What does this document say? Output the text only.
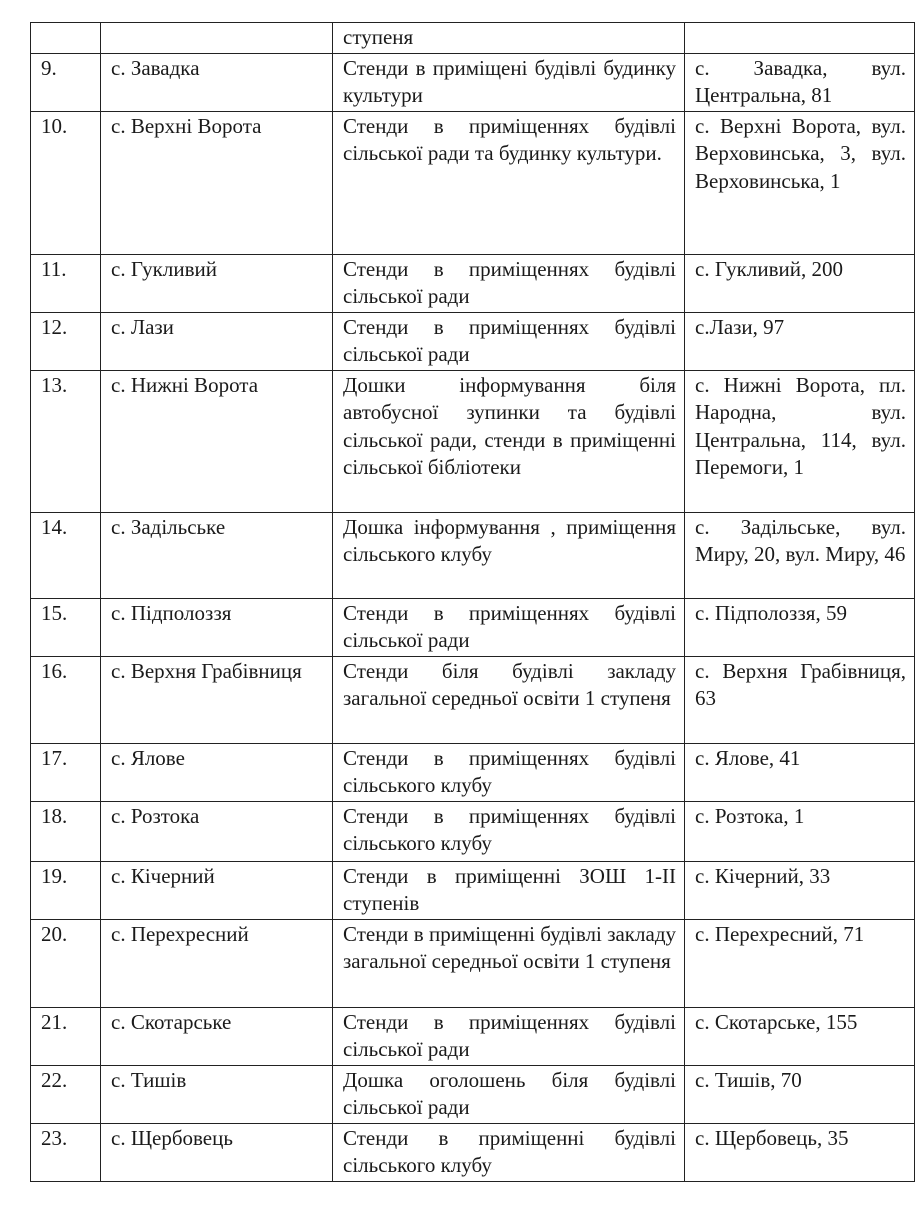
		ступеня	
9.	с. Завадка	Стенди в приміщені будівлі будинку культури	с. Завадка, вул. Центральна, 81
10.	с. Верхні Ворота	Стенди в приміщеннях будівлі сільської ради та будинку культури.	с. Верхні Ворота, вул. Верховинська, 3, вул. Верховинська, 1
11.	с. Гукливий	Стенди в приміщеннях будівлі сільської ради	с. Гукливий, 200
12.	с. Лази	Стенди в приміщеннях будівлі сільської ради	с.Лази, 97
13.	с. Нижні Ворота	Дошки інформування біля автобусної зупинки та будівлі сільської ради, стенди в приміщенні сільської бібліотеки	с. Нижні Ворота, пл. Народна, вул. Центральна, 114, вул. Перемоги, 1
14.	с. Задільське	Дошка інформування , приміщення сільського клубу	с. Задільське, вул. Миру, 20, вул. Миру, 46
15.	с. Підполоззя	Стенди в приміщеннях будівлі сільської ради	с. Підполоззя, 59
16.	с. Верхня Грабівниця	Стенди біля будівлі закладу загальної середньої освіти 1 ступеня	с. Верхня Грабівниця, 63
17.	с. Ялове	Стенди в приміщеннях будівлі сільського клубу	с. Ялове, 41
18.	с. Розтока	Стенди в приміщеннях будівлі сільського клубу	с. Розтока, 1
19.	с. Кічерний	Стенди в приміщенні ЗОШ 1-ІІ ступенів	с. Кічерний, 33
20.	с. Перехресний	Стенди в приміщенні будівлі закладу загальної середньої освіти 1 ступеня	с. Перехресний, 71
21.	с. Скотарське	Стенди в приміщеннях будівлі сільської ради	с. Скотарське, 155
22.	с. Тишів	Дошка оголошень біля будівлі сільської ради	с. Тишів, 70
23.	с. Щербовець	Стенди в приміщенні будівлі сільського клубу	с. Щербовець, 35
